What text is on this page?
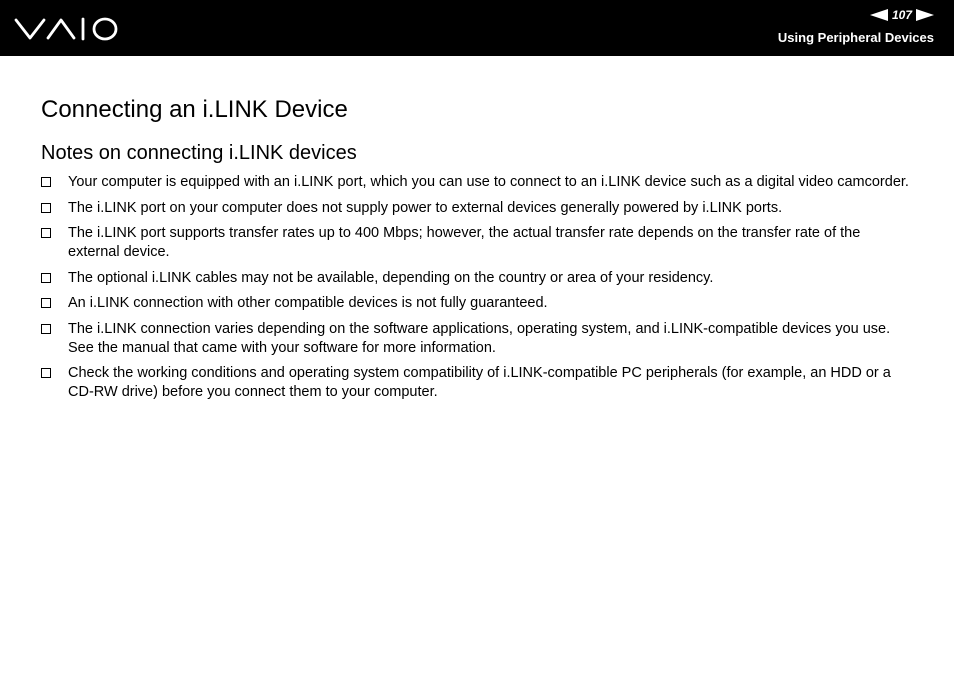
107
Using Peripheral Devices
Connecting an i.LINK Device
Notes on connecting i.LINK devices
Your computer is equipped with an i.LINK port, which you can use to connect to an i.LINK device such as a digital video camcorder.
The i.LINK port on your computer does not supply power to external devices generally powered by i.LINK ports.
The i.LINK port supports transfer rates up to 400 Mbps; however, the actual transfer rate depends on the transfer rate of the external device.
The optional i.LINK cables may not be available, depending on the country or area of your residency.
An i.LINK connection with other compatible devices is not fully guaranteed.
The i.LINK connection varies depending on the software applications, operating system, and i.LINK-compatible devices you use. See the manual that came with your software for more information.
Check the working conditions and operating system compatibility of i.LINK-compatible PC peripherals (for example, an HDD or a CD-RW drive) before you connect them to your computer.
